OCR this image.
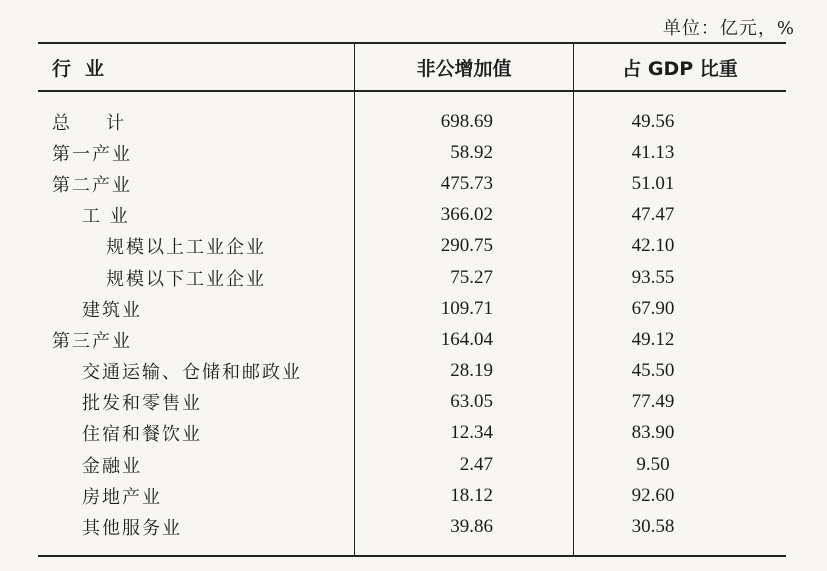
单位：亿元，%
行业	非公增加值	占 GDP 比重
总计	698.69	49.56
第一产业	58.92	41.13
第二产业	475.73	51.01
工 业	366.02	47.47
规模以上工业企业	290.75	42.10
规模以下工业企业	75.27	93.55
建筑业	109.71	67.90
第三产业	164.04	49.12
交通运输、仓储和邮政业	28.19	45.50
批发和零售业	63.05	77.49
住宿和餐饮业	12.34	83.90
金融业	2.47	9.50
房地产业	18.12	92.60
其他服务业	39.86	30.58
